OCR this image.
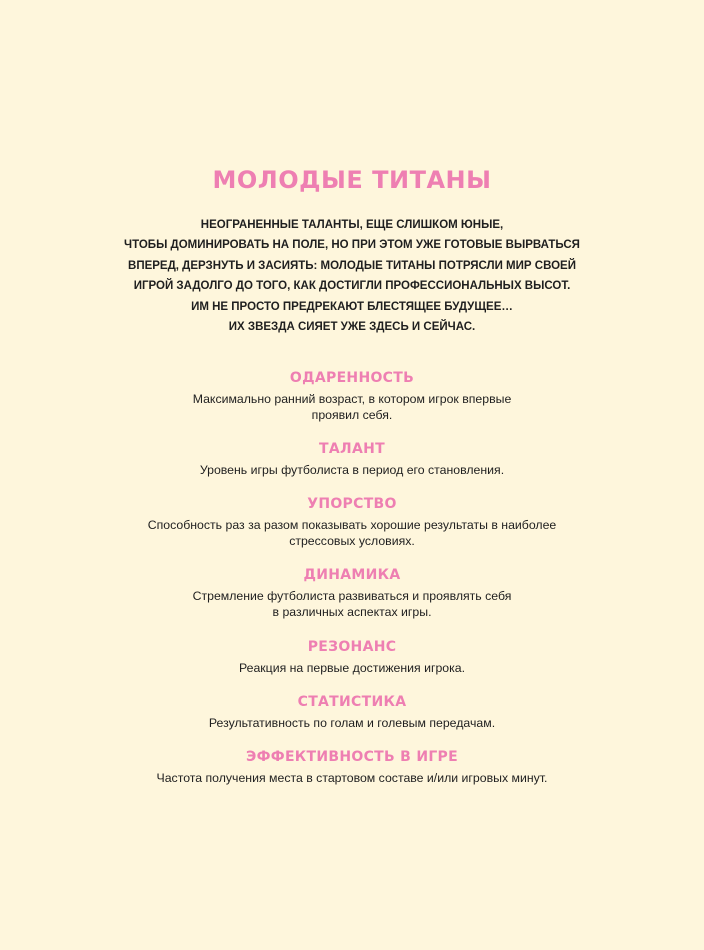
МОЛОДЫЕ ТИТАНЫ

НЕОГРАНЕННЫЕ ТАЛАНТЫ, ЕЩЕ СЛИШКОМ ЮНЫЕ,
ЧТОБЫ ДОМИНИРОВАТЬ НА ПОЛЕ, НО ПРИ ЭТОМ УЖЕ ГОТОВЫЕ ВЫРВАТЬСЯ
ВПЕРЕД, ДЕРЗНУТЬ И ЗАСИЯТЬ: МОЛОДЫЕ ТИТАНЫ ПОТРЯСЛИ МИР СВОЕЙ
ИГРОЙ ЗАДОЛГО ДО ТОГО, КАК ДОСТИГЛИ ПРОФЕССИОНАЛЬНЫХ ВЫСОТ.
ИМ НЕ ПРОСТО ПРЕДРЕКАЮТ БЛЕСТЯЩЕЕ БУДУЩЕЕ…
ИХ ЗВЕЗДА СИЯЕТ УЖЕ ЗДЕСЬ И СЕЙЧАС.

ОДАРЕННОСТЬ

Максимально ранний возраст, в котором игрок впервые
проявил себя.

ТАЛАНТ

Уровень игры футболиста в период его становления.

УПОРСТВО

Способность раз за разом показывать хорошие результаты в наиболее
стрессовых условиях.

ДИНАМИКА

Стремление футболиста развиваться и проявлять себя
в различных аспектах игры.

РЕЗОНАНС

Реакция на первые достижения игрока.

СТАТИСТИКА

Результативность по голам и голевым передачам.

ЭФФЕКТИВНОСТЬ В ИГРЕ

Частота получения места в стартовом составе и/или игровых минут.
